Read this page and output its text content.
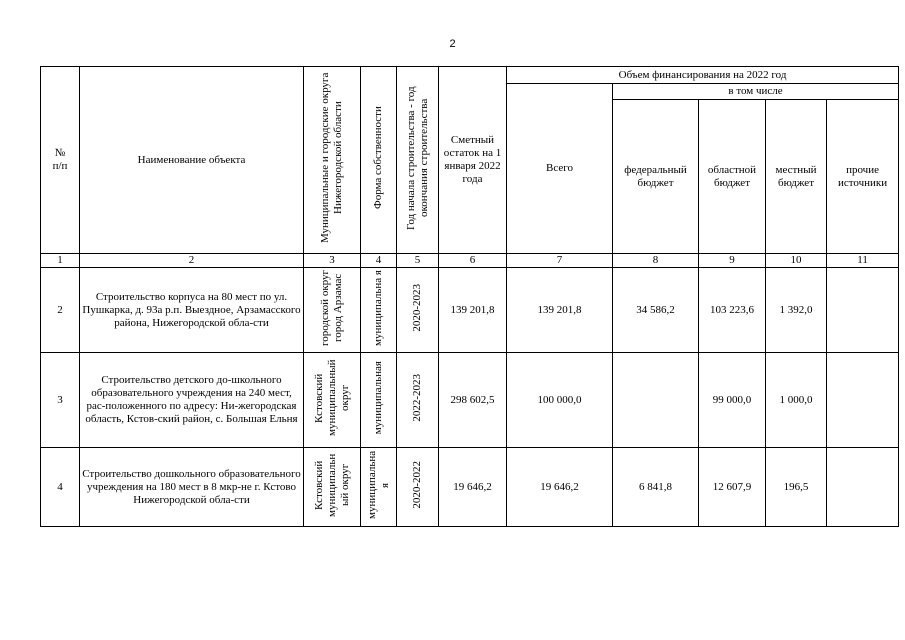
2
№
п/п	Наименование объекта	Муниципальные и городские округа Нижегородской области	Форма собственности	Год начала строительства - год окончания строительства	Сметный остаток на 1 января 2022 года	Объем финансирования на 2022 год				
						Всего	в том числе			
							федеральный бюджет	областной бюджет	местный бюджет	прочие источники
1	2	3	4	5	6	7	8	9	10	11
2	Строительство корпуса на 80 мест по ул. Пушкарка, д. 93а р.п. Выездное, Арзамасского района, Нижегородской обла-сти	городской округ город Арзамас	муниципальна я	2020-2023	139 201,8	139 201,8	34 586,2	103 223,6	1 392,0	
3	Строительство детского до-школьного образовательного учреждения на 240 мест, рас-положенного по адресу: Ни-жегородская область, Кстов-ский район, с. Большая Ельня	Кстовский муниципальный округ	муниципальная	2022-2023	298 602,5	100 000,0		99 000,0	1 000,0	
4	Строительство дошкольного образовательного учреждения на 180 мест в 8 мкр-не г. Кстово Нижегородской обла-сти	Кстовский муниципальн ый округ	муниципальна я	2020-2022	19 646,2	19 646,2	6 841,8	12 607,9	196,5	
